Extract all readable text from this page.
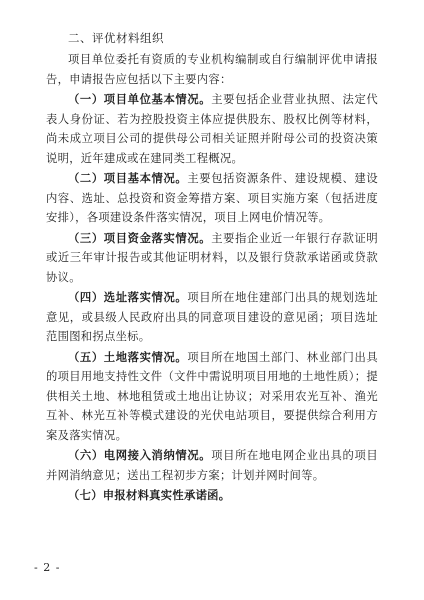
二、评优材料组织

项目单位委托有资质的专业机构编制或自行编制评优申请报告，申请报告应包括以下主要内容：

（一）项目单位基本情况。主要包括企业营业执照、法定代表人身份证、若为控股投资主体应提供股东、股权比例等材料，尚未成立项目公司的提供母公司相关证照并附母公司的投资决策说明，近年建成或在建同类工程概况。

（二）项目基本情况。主要包括资源条件、建设规模、建设内容、选址、总投资和资金筹措方案、项目实施方案（包括进度安排），各项建设条件落实情况，项目上网电价情况等。

（三）项目资金落实情况。主要指企业近一年银行存款证明或近三年审计报告或其他证明材料，以及银行贷款承诺函或贷款协议。

（四）选址落实情况。项目所在地住建部门出具的规划选址意见，或县级人民政府出具的同意项目建设的意见函；项目选址范围图和拐点坐标。

（五）土地落实情况。项目所在地国土部门、林业部门出具的项目用地支持性文件（文件中需说明项目用地的土地性质）；提供相关土地、林地租赁或土地出让协议；对采用农光互补、渔光互补、林光互补等模式建设的光伏电站项目，要提供综合利用方案及落实情况。

（六）电网接入消纳情况。项目所在地电网企业出具的项目并网消纳意见；送出工程初步方案；计划并网时间等。

（七）申报材料真实性承诺函。

- 2 -
